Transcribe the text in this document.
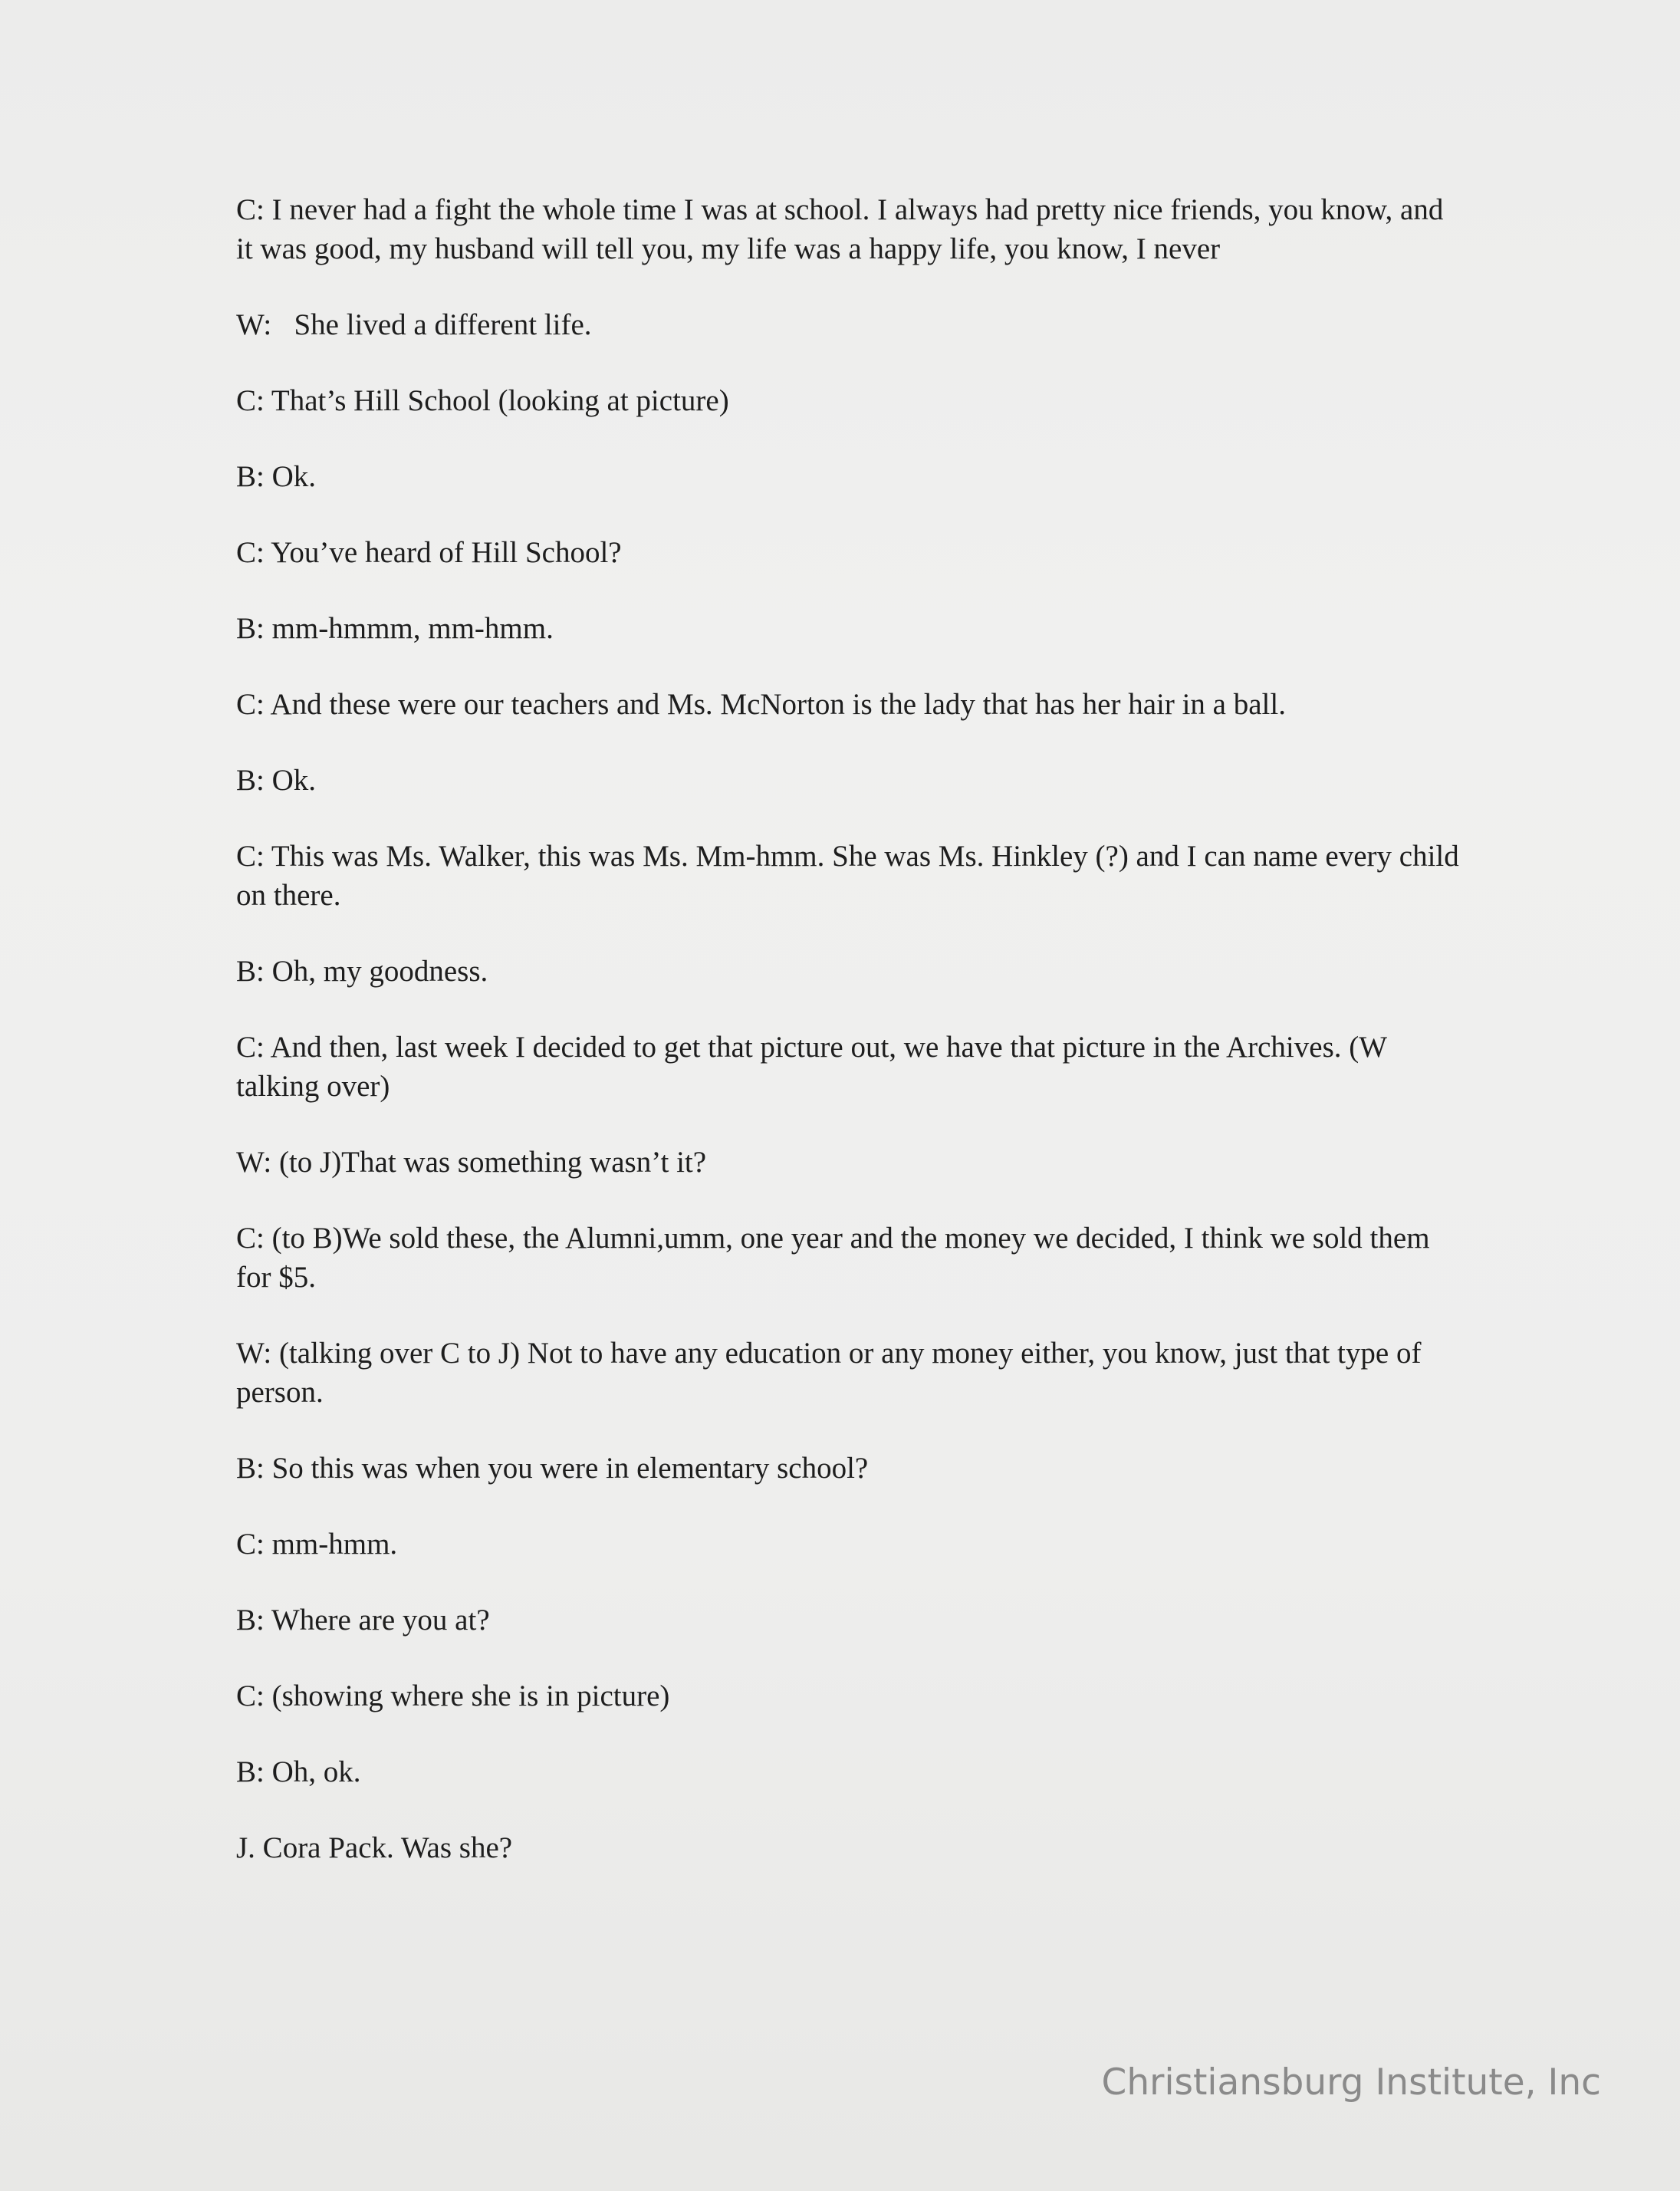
C: I never had a fight the whole time I was at school. I always had pretty nice friends, you know, and it was good, my husband will tell you, my life was a happy life, you know, I never

W:   She lived a different life.

C: That’s Hill School (looking at picture)

B: Ok.

C: You’ve heard of Hill School?

B: mm-hmmm, mm-hmm.

C: And these were our teachers and Ms. McNorton is the lady that has her hair in a ball.

B: Ok.

C: This was Ms. Walker, this was Ms. Mm-hmm. She was Ms. Hinkley (?) and I can name every child on there.

B: Oh, my goodness.

C: And then, last week I decided to get that picture out, we have that picture in the Archives. (W talking over)

W: (to J)That was something wasn’t it?

C: (to B)We sold these, the Alumni,umm, one year and the money we decided, I think we sold them for $5.

W: (talking over C to J) Not to have any education or any money either, you know, just that type of person.

B: So this was when you were in elementary school?

C: mm-hmm.

B: Where are you at?

C: (showing where she is in picture)

B: Oh, ok.

J. Cora Pack. Was she?

Christiansburg Institute, Inc
